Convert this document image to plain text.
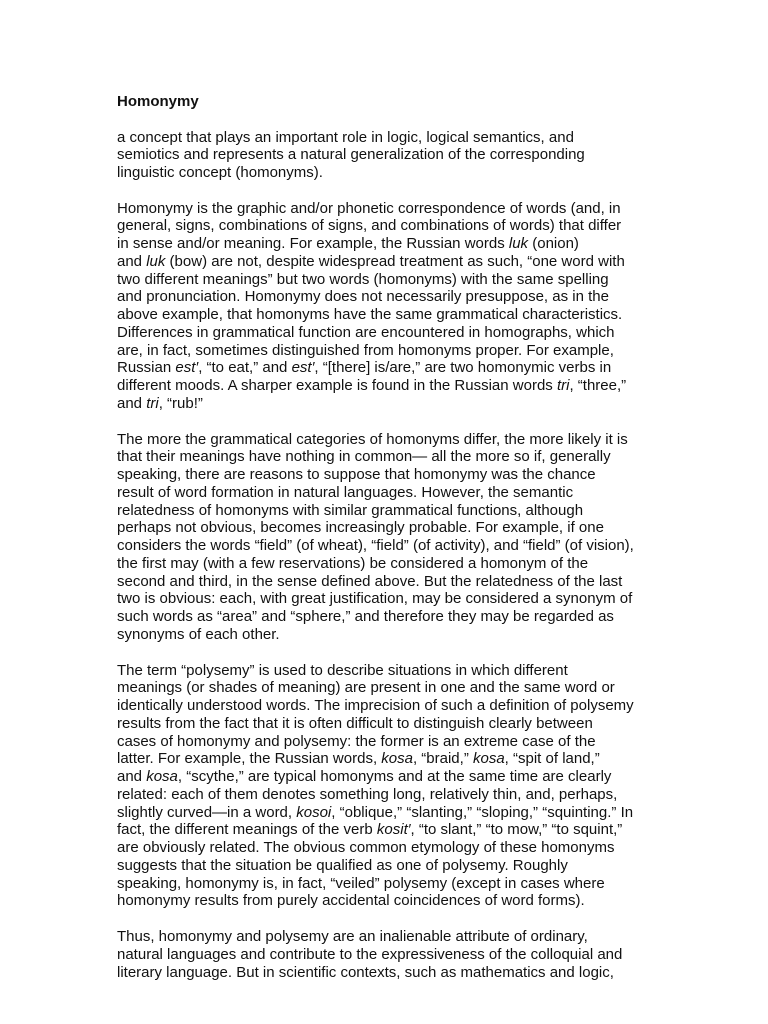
Homonymy
a concept that plays an important role in logic, logical semantics, and
semiotics and represents a natural generalization of the corresponding
linguistic concept (homonyms).
Homonymy is the graphic and/or phonetic correspondence of words (and, in
general, signs, combinations of signs, and combinations of words) that differ
in sense and/or meaning. For example, the Russian words luk (onion)
and luk (bow) are not, despite widespread treatment as such, “one word with
two different meanings” but two words (homonyms) with the same spelling
and pronunciation. Homonymy does not necessarily presuppose, as in the
above example, that homonyms have the same grammatical characteristics.
Differences in grammatical function are encountered in homographs, which
are, in fact, sometimes distinguished from homonyms proper. For example,
Russian est′, “to eat,” and est′, “[there] is/are,” are two homonymic verbs in
different moods. A sharper example is found in the Russian words tri, “three,”
and tri, “rub!”
The more the grammatical categories of homonyms differ, the more likely it is
that their meanings have nothing in common— all the more so if, generally
speaking, there are reasons to suppose that homonymy was the chance
result of word formation in natural languages. However, the semantic
relatedness of homonyms with similar grammatical functions, although
perhaps not obvious, becomes increasingly probable. For example, if one
considers the words “field” (of wheat), “field” (of activity), and “field” (of vision),
the first may (with a few reservations) be considered a homonym of the
second and third, in the sense defined above. But the relatedness of the last
two is obvious: each, with great justification, may be considered a synonym of
such words as “area” and “sphere,” and therefore they may be regarded as
synonyms of each other.
The term “polysemy” is used to describe situations in which different
meanings (or shades of meaning) are present in one and the same word or
identically understood words. The imprecision of such a definition of polysemy
results from the fact that it is often difficult to distinguish clearly between
cases of homonymy and polysemy: the former is an extreme case of the
latter. For example, the Russian words, kosa, “braid,” kosa, “spit of land,”
and kosa, “scythe,” are typical homonyms and at the same time are clearly
related: each of them denotes something long, relatively thin, and, perhaps,
slightly curved—in a word, kosoi, “oblique,” “slanting,” “sloping,” “squinting.” In
fact, the different meanings of the verb kosit′, “to slant,” “to mow,” “to squint,”
are obviously related. The obvious common etymology of these homonyms
suggests that the situation be qualified as one of polysemy. Roughly
speaking, homonymy is, in fact, “veiled” polysemy (except in cases where
homonymy results from purely accidental coincidences of word forms).
Thus, homonymy and polysemy are an inalienable attribute of ordinary,
natural languages and contribute to the expressiveness of the colloquial and
literary language. But in scientific contexts, such as mathematics and logic,
